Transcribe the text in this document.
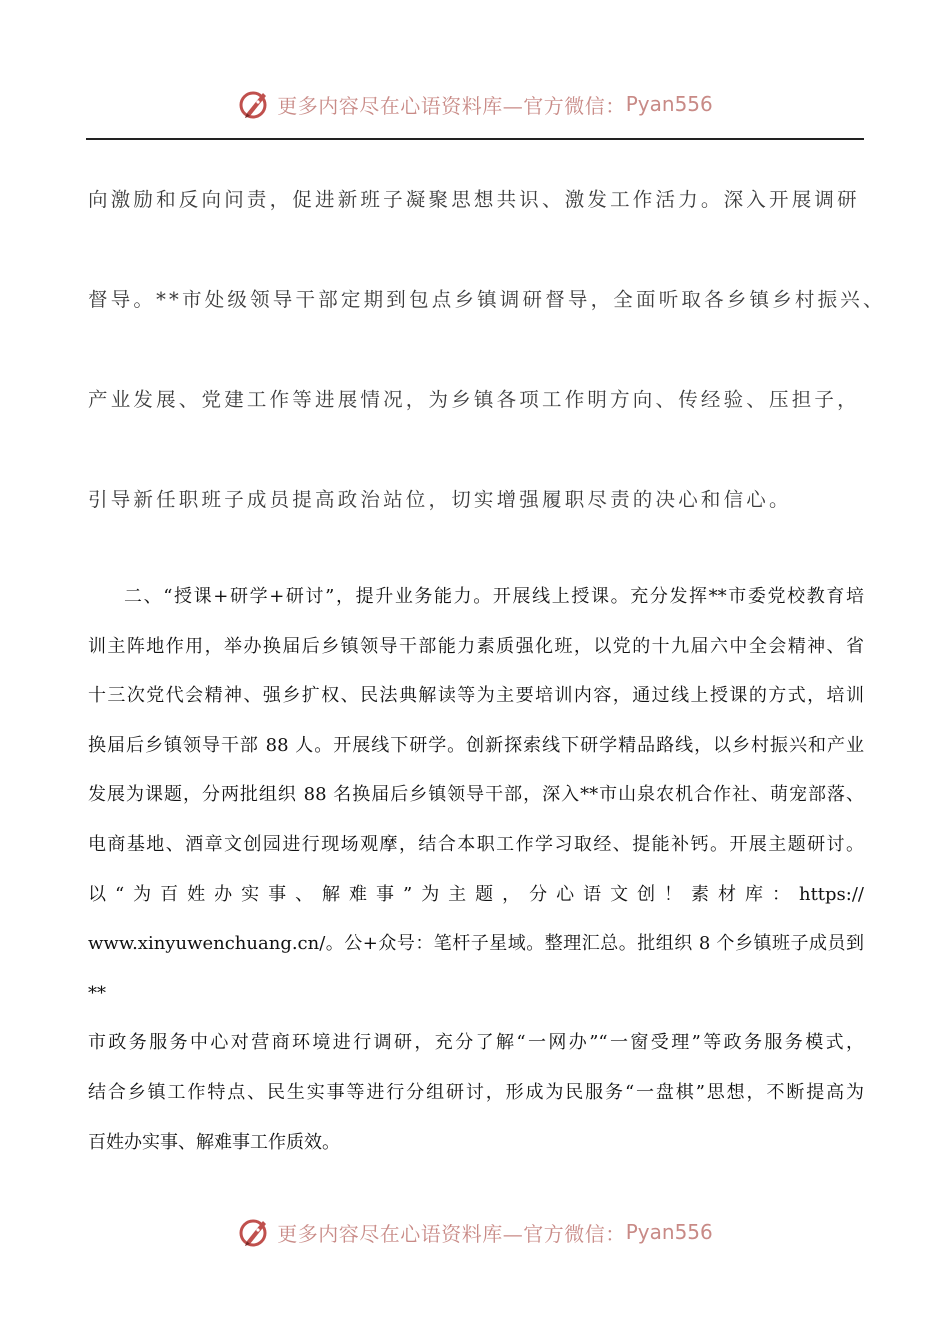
更多内容尽在心语资料库—官方微信： Pyan556
向激励和反向问责，促进新班子凝聚思想共识、激发工作活力。深入开展调研
督导。**市处级领导干部定期到包点乡镇调研督导，全面听取各乡镇乡村振兴、
产业发展、党建工作等进展情况，为乡镇各项工作明方向、传经验、压担子，
引导新任职班子成员提高政治站位，切实增强履职尽责的决心和信心。
二、“授课+研学+研讨”，提升业务能力。开展线上授课。充分发挥**市委党校教育培
训主阵地作用，举办换届后乡镇领导干部能力素质强化班，以党的十九届六中全会精神、省
十三次党代会精神、强乡扩权、民法典解读等为主要培训内容，通过线上授课的方式，培训
换届后乡镇领导干部 88 人。开展线下研学。创新探索线下研学精品路线，以乡村振兴和产业
发展为课题，分两批组织 88 名换届后乡镇领导干部，深入**市山泉农机合作社、萌宠部落、
电商基地、酒章文创园进行现场观摩，结合本职工作学习取经、提能补钙。开展主题研讨。
以“为百姓办实事、解难事”为主题，分心语文创！素材库：https://
www.xinyuwenchuang.cn/。公+众号：笔杆子星域。整理汇总。批组织 8 个乡镇班子成员到**
市政务服务中心对营商环境进行调研，充分了解“一网办”“一窗受理”等政务服务模式，
结合乡镇工作特点、民生实事等进行分组研讨，形成为民服务“一盘棋”思想，不断提高为
百姓办实事、解难事工作质效。
更多内容尽在心语资料库—官方微信： Pyan556
